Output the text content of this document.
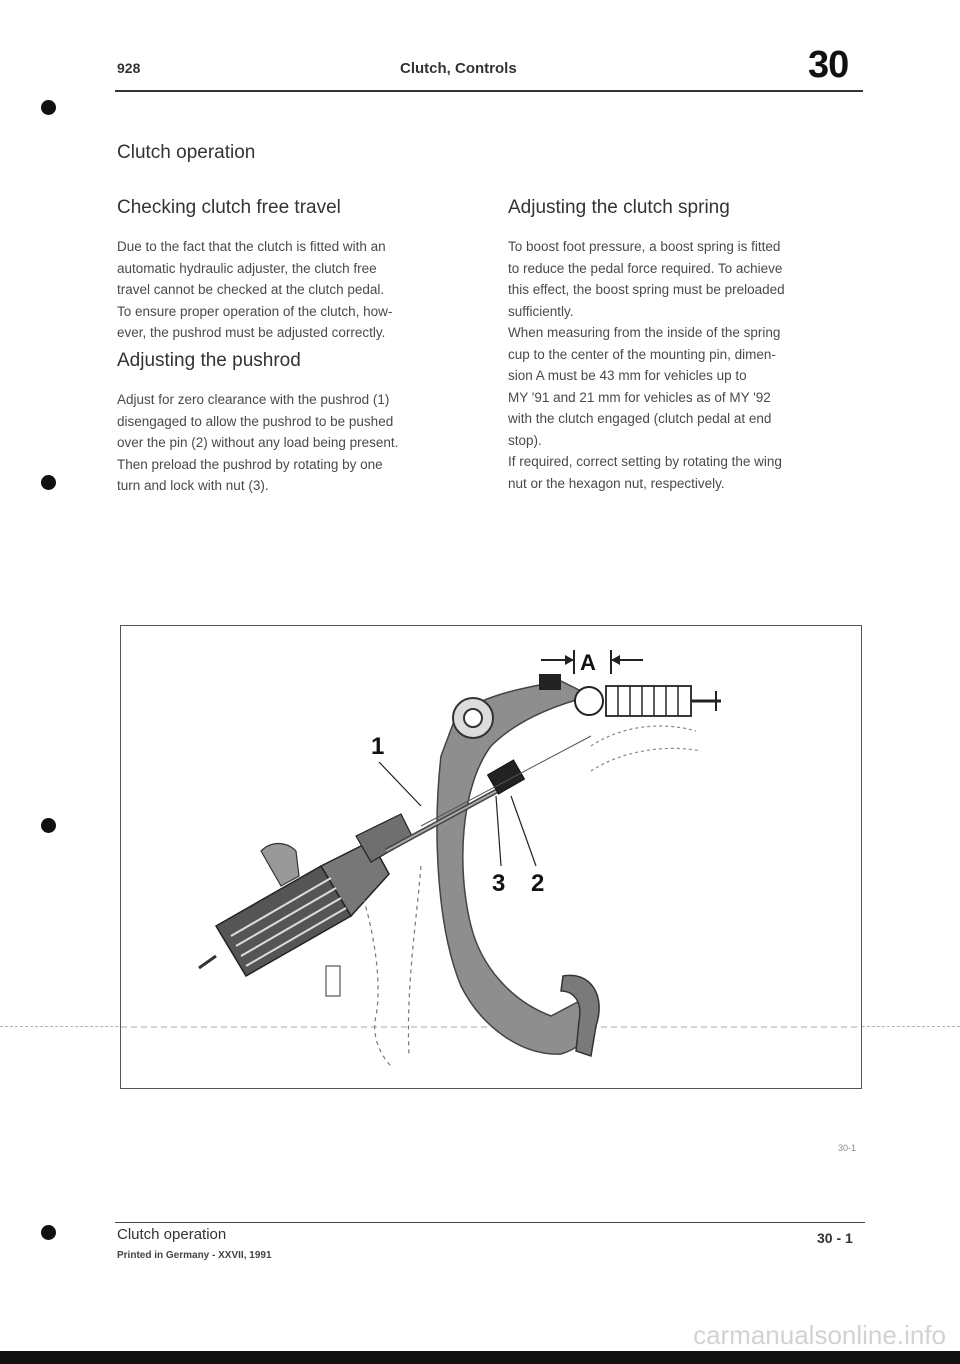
928	Clutch, Controls	30
Clutch operation
Checking clutch free travel
Due to the fact that the clutch is fitted with an
automatic hydraulic adjuster, the clutch free
travel cannot be checked at the clutch pedal.
To ensure proper operation of the clutch, how-
ever, the pushrod must be adjusted correctly.
Adjusting the pushrod
Adjust for zero clearance with the pushrod (1)
disengaged to allow the pushrod to be pushed
over the pin (2) without any load being present.
Then preload the pushrod by rotating by one
turn and lock with nut (3).
Adjusting the clutch spring
To boost foot pressure, a boost spring is fitted
to reduce the pedal force required. To achieve
this effect, the boost spring must be preloaded
sufficiently.
When measuring from the inside of the spring
cup to the center of the mounting pin, dimen-
sion A must be 43 mm for vehicles up to
MY '91 and 21 mm for vehicles as of MY '92
with the clutch engaged (clutch pedal at end
stop).
If required, correct setting by rotating the wing
nut or the hexagon nut, respectively.
A
1
3 2
30-1
Clutch operation	30 - 1
Printed in Germany - XXVII, 1991
carmanualsonline.info
